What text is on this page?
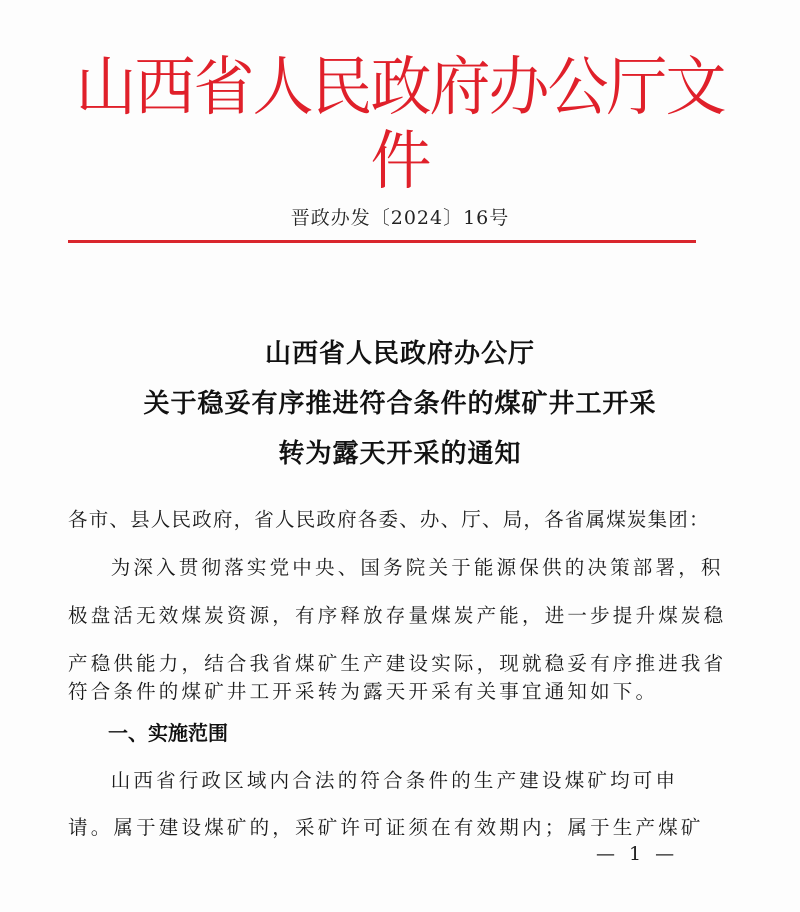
山西省人民政府办公厅文件
晋政办发〔2024〕16号
山西省人民政府办公厅
关于稳妥有序推进符合条件的煤矿井工开采
转为露天开采的通知
各市、县人民政府，省人民政府各委、办、厅、局，各省属煤炭集团：
　为深入贯彻落实党中央、国务院关于能源保供的决策部署，积
极盘活无效煤炭资源，有序释放存量煤炭产能，进一步提升煤炭稳
产稳供能力，结合我省煤矿生产建设实际，现就稳妥有序推进我省
符合条件的煤矿井工开采转为露天开采有关事宜通知如下。
一、实施范围
　山西省行政区域内合法的符合条件的生产建设煤矿均可申
请。属于建设煤矿的，采矿许可证须在有效期内；属于生产煤矿
— 1 —
